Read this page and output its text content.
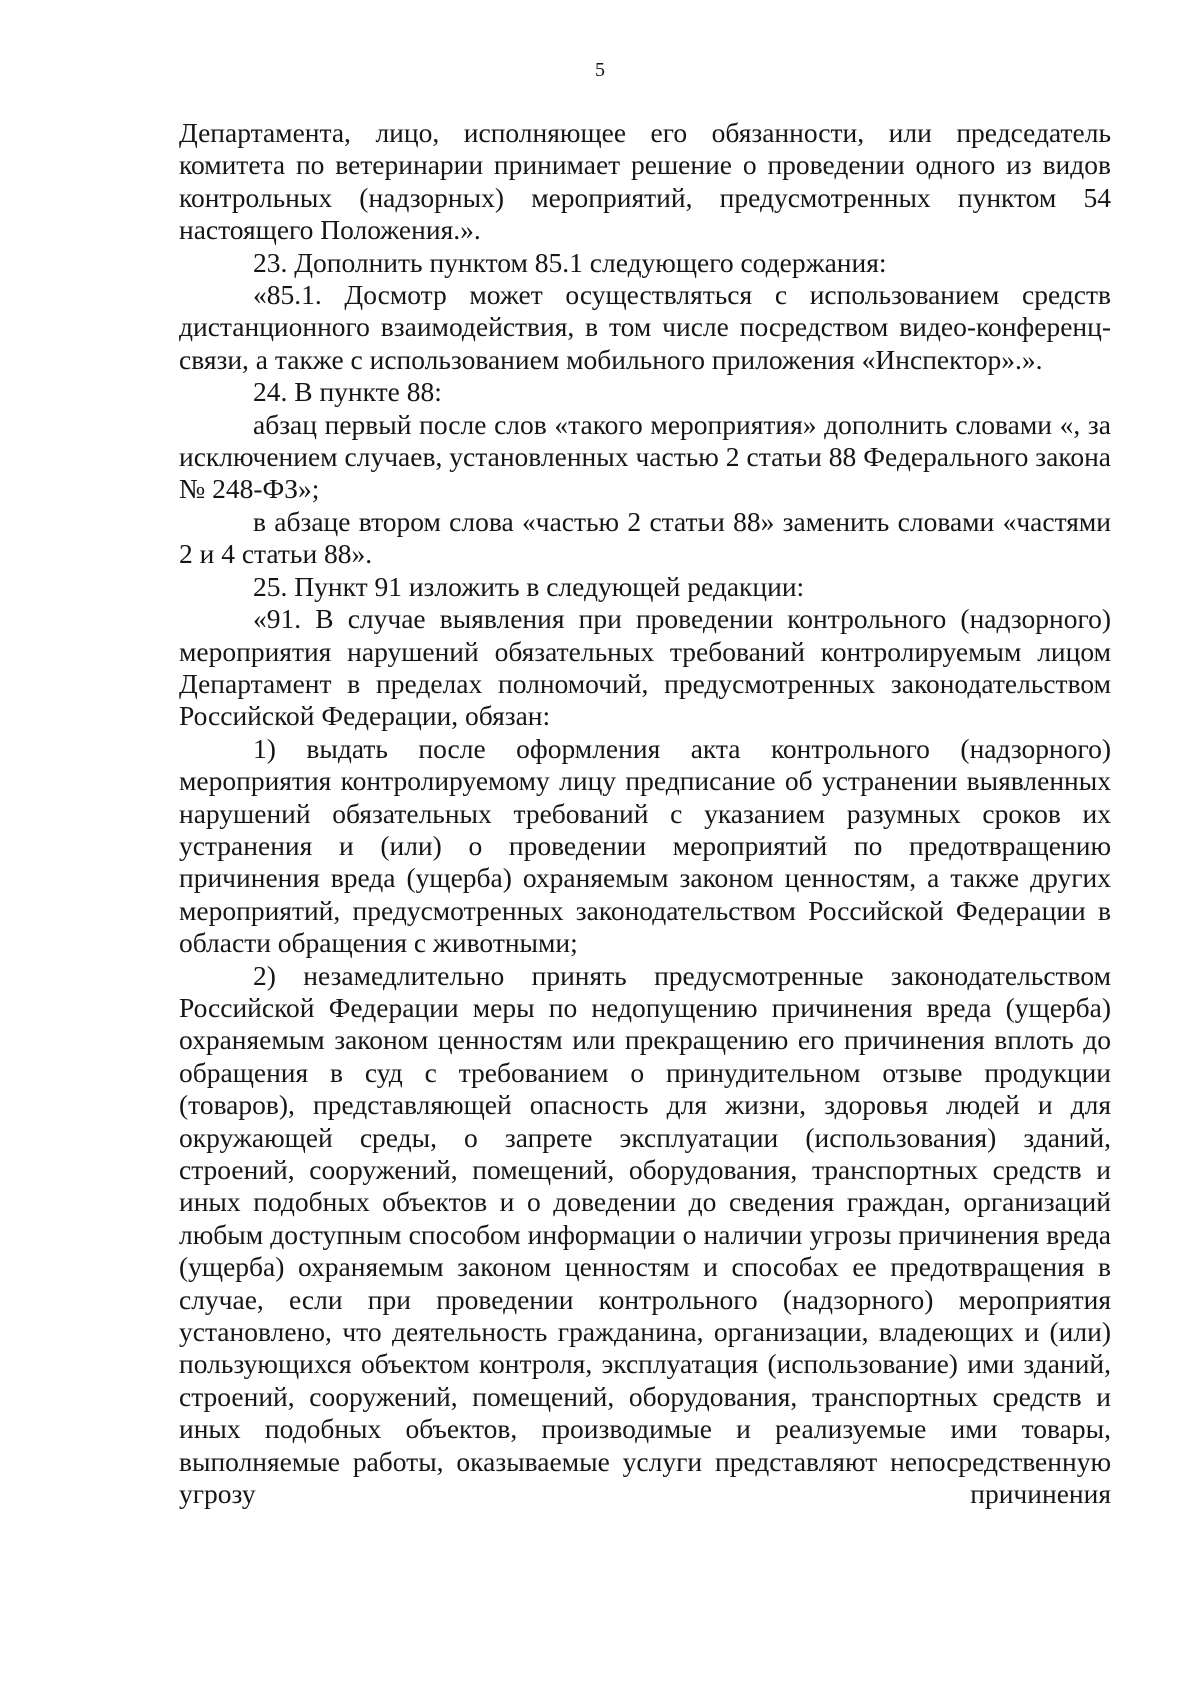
5

Департамента, лицо, исполняющее его обязанности, или председатель комитета по ветеринарии принимает решение о проведении одного из видов контрольных (надзорных) мероприятий, предусмотренных пунктом 54 настоящего Положения.».

23. Дополнить пунктом 85.1 следующего содержания:

«85.1. Досмотр может осуществляться с использованием средств дистанционного взаимодействия, в том числе посредством видео-конференц-связи, а также с использованием мобильного приложения «Инспектор».».

24. В пункте 88:

абзац первый после слов «такого мероприятия» дополнить словами «, за исключением случаев, установленных частью 2 статьи 88 Федерального закона № 248-ФЗ»;

в абзаце втором слова «частью 2 статьи 88» заменить словами «частями 2 и 4 статьи 88».

25. Пункт 91 изложить в следующей редакции:

«91. В случае выявления при проведении контрольного (надзорного) мероприятия нарушений обязательных требований контролируемым лицом Департамент в пределах полномочий, предусмотренных законодательством Российской Федерации, обязан:

1) выдать после оформления акта контрольного (надзорного) мероприятия контролируемому лицу предписание об устранении выявленных нарушений обязательных требований с указанием разумных сроков их устранения и (или) о проведении мероприятий по предотвращению причинения вреда (ущерба) охраняемым законом ценностям, а также других мероприятий, предусмотренных законодательством Российской Федерации в области обращения с животными;

2) незамедлительно принять предусмотренные законодательством Российской Федерации меры по недопущению причинения вреда (ущерба) охраняемым законом ценностям или прекращению его причинения вплоть до обращения в суд с требованием о принудительном отзыве продукции (товаров), представляющей опасность для жизни, здоровья людей и для окружающей среды, о запрете эксплуатации (использования) зданий, строений, сооружений, помещений, оборудования, транспортных средств и иных подобных объектов и о доведении до сведения граждан, организаций любым доступным способом информации о наличии угрозы причинения вреда (ущерба) охраняемым законом ценностям и способах ее предотвращения в случае, если при проведении контрольного (надзорного) мероприятия установлено, что деятельность гражданина, организации, владеющих и (или) пользующихся объектом контроля, эксплуатация (использование) ими зданий, строений, сооружений, помещений, оборудования, транспортных средств и иных подобных объектов, производимые и реализуемые ими товары, выполняемые работы, оказываемые услуги представляют непосредственную угрозу причинения
